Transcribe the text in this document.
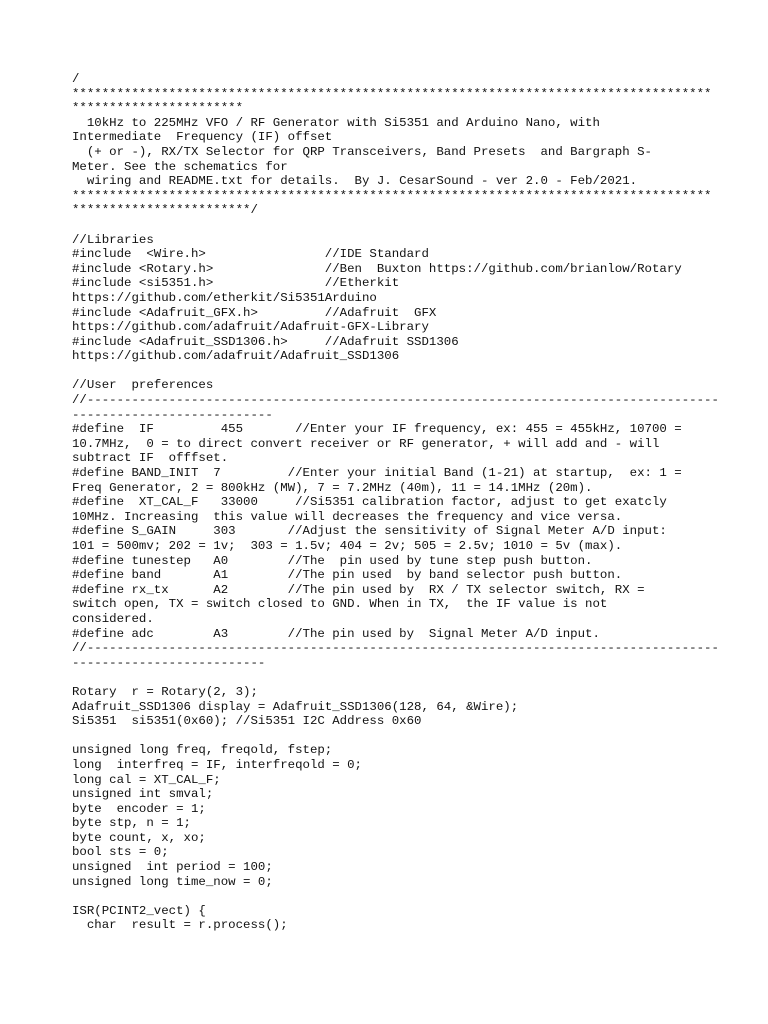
/
**************************************************************************************
***********************
10kHz to 225MHz VFO / RF Generator with Si5351 and Arduino Nano, with
Intermediate  Frequency (IF) offset
(+ or -), RX/TX Selector for QRP Transceivers, Band Presets  and Bargraph S-
Meter. See the schematics for
wiring and README.txt for details.  By J. CesarSound - ver 2.0 - Feb/2021.
**************************************************************************************
************************/
//Libraries
#include  <Wire.h>                //IDE Standard
#include <Rotary.h>               //Ben  Buxton https://github.com/brianlow/Rotary
#include <si5351.h>               //Etherkit
https://github.com/etherkit/Si5351Arduino
#include <Adafruit_GFX.h>         //Adafruit  GFX
https://github.com/adafruit/Adafruit-GFX-Library
#include <Adafruit_SSD1306.h>     //Adafruit SSD1306
https://github.com/adafruit/Adafruit_SSD1306
//User  preferences
//-------------------------------------------------------------------------------------
---------------------------
#define  IF         455       //Enter your IF frequency, ex: 455 = 455kHz, 10700 =
10.7MHz,  0 = to direct convert receiver or RF generator, + will add and - will
subtract IF  offfset.
#define BAND_INIT  7         //Enter your initial Band (1-21) at startup,  ex: 1 =
Freq Generator, 2 = 800kHz (MW), 7 = 7.2MHz (40m), 11 = 14.1MHz (20m).
#define  XT_CAL_F   33000     //Si5351 calibration factor, adjust to get exatcly
10MHz. Increasing  this value will decreases the frequency and vice versa.
#define S_GAIN     303       //Adjust the sensitivity of Signal Meter A/D input:
101 = 500mv; 202 = 1v;  303 = 1.5v; 404 = 2v; 505 = 2.5v; 1010 = 5v (max).
#define tunestep   A0        //The  pin used by tune step push button.
#define band       A1        //The pin used  by band selector push button.
#define rx_tx      A2        //The pin used by  RX / TX selector switch, RX =
switch open, TX = switch closed to GND. When in TX,  the IF value is not
considered.
#define adc        A3        //The pin used by  Signal Meter A/D input.
//-------------------------------------------------------------------------------------
--------------------------
Rotary  r = Rotary(2, 3);
Adafruit_SSD1306 display = Adafruit_SSD1306(128, 64, &Wire);
Si5351  si5351(0x60); //Si5351 I2C Address 0x60
unsigned long freq, freqold, fstep;
long  interfreq = IF, interfreqold = 0;
long cal = XT_CAL_F;
unsigned int smval;
byte  encoder = 1;
byte stp, n = 1;
byte count, x, xo;
bool sts = 0;
unsigned  int period = 100;
unsigned long time_now = 0;
ISR(PCINT2_vect) {
char  result = r.process();
